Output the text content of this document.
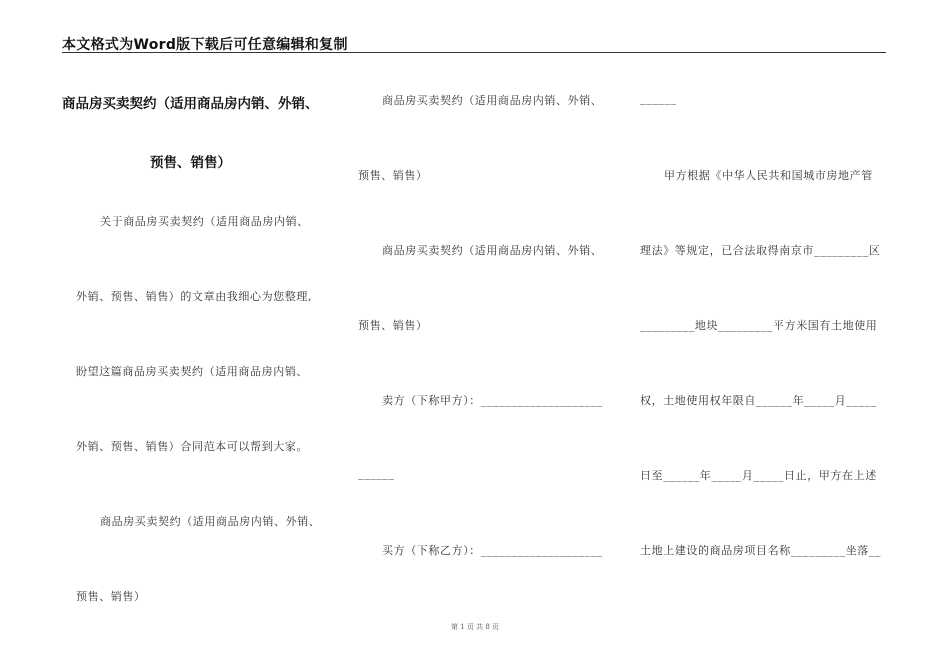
本文格式为Word版下载后可任意编辑和复制
商品房买卖契约（适用商品房内销、外销、
预售、销售）
关于商品房买卖契约（适用商品房内销、
外销、预售、销售）的文章由我细心为您整理,
盼望这篇商品房买卖契约（适用商品房内销、
外销、预售、销售）合同范本可以帮到大家。
商品房买卖契约（适用商品房内销、外销、
预售、销售）
商品房买卖契约（适用商品房内销、外销、
预售、销售）
商品房买卖契约（适用商品房内销、外销、
预售、销售）
卖方（下称甲方）：____________________
______
买方（下称乙方）：____________________
______
甲方根据《中华人民共和国城市房地产管
理法》等规定，已合法取得南京市_________区
_________地块_________平方米国有土地使用
权，土地使用权年限自______年_____月_____
日至______年_____月_____日止，甲方在上述
土地上建设的商品房项目名称_________坐落__
第 1 页 共 8 页
